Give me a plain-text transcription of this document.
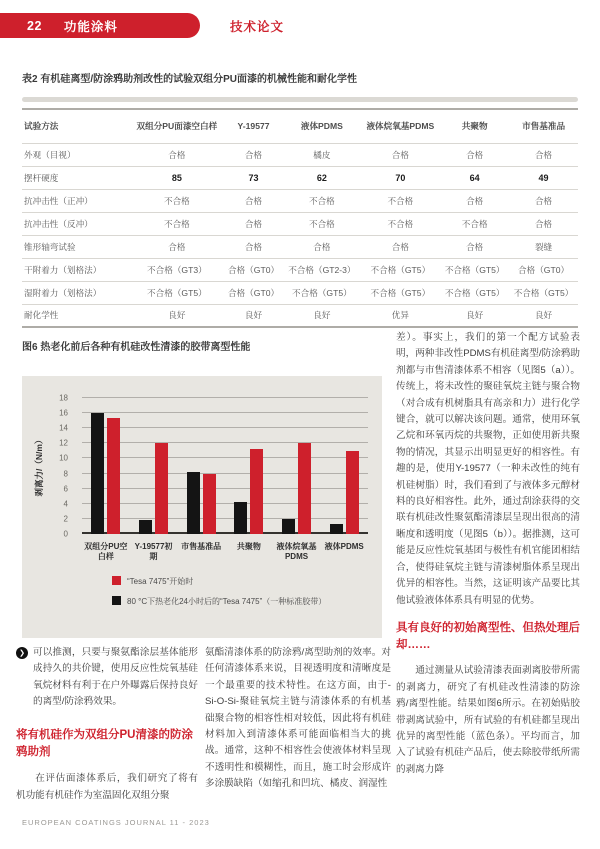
22 功能涂料	技术论文
表2 有机硅离型/防涂鸦助剂改性的试验双组分PU面漆的机械性能和耐化学性
试验方法	双组分PU面漆空白样	Y-19577	液体PDMS	液体烷氧基PDMS	共聚物	市售基准品
外观（目视）	合格	合格	橘皮	合格	合格	合格
摆杆硬度	85	73	62	70	64	49
抗冲击性（正冲）	不合格	合格	不合格	不合格	合格	合格
抗冲击性（反冲）	不合格	合格	不合格	不合格	不合格	合格
锥形轴弯试验	合格	合格	合格	合格	合格	裂缝
干附着力（划格法）	不合格（GT3）	合格（GT0）	不合格（GT2-3）	不合格（GT5）	不合格（GT5）	合格（GT0）
湿附着力（划格法）	不合格（GT5）	合格（GT0）	不合格（GT5）	不合格（GT5）	不合格（GT5）	不合格（GT5）
耐化学性	良好	良好	良好	优异	良好	良好
图6 热老化前后各种有机硅改性清漆的胶带离型性能
剥离力/（N/m）
0
2
4
6
8
10
12
14
16
18
双组分PU空白样
Y-19577初期
市售基准品	共聚物	液体烷氧基PDMS
液体PDMS
“Tesa 7475”开始时
80 °C下热老化24小时后的“Tesa 7475”（一种标准胶带）

差）。事实上，我们的第一个配方试验表明，两种非改性PDMS有机硅离型/防涂鸦助剂都与市售清漆体系不相容（见图5（a））。传统上，将未改性的聚硅氧烷主链与聚合物（对合成有机树脂具有高亲和力）进行化学键合，就可以解决该问题。通常，使用环氧乙烷和环氧丙烷的共聚物，正如使用新共聚物的情况，其显示出明显更好的相容性。有趣的是，使用Y-19577（一种未改性的纯有机硅树脂）时，我们看到了与液体多元醇材料的良好相容性。此外，通过刮涂获得的交联有机硅改性聚氨酯清漆层呈现出很高的清晰度和透明度（见图5（b））。据推测，这可能是反应性烷氧基团与极性有机官能团相结合，使得硅氧烷主链与清漆树脂体系呈现出优异的相容性。当然，这证明该产品要比其他试验液体体系具有明显的优势。

具有良好的初始离型性、但热处理后却……

通过测量从试验清漆表面剥离胶带所需的剥离力，研究了有机硅改性清漆的防涂鸦/离型性能。结果如图6所示。在初始贴胶带剥离试验中，所有试验的有机硅都呈现出优异的离型性能（蓝色条）。平均而言，加入了试验有机硅产品后，使去除胶带纸所需的剥离力降

❯ 可以推测，只要与聚氨酯涂层基体能形成持久的共价键，使用反应性烷氧基硅氧烷材料有利于在户外曝露后保持良好的离型/防涂鸦效果。

将有机硅作为双组分PU清漆的防涂鸦助剂

在评估面漆体系后，我们研究了将有机功能有机硅作为室温固化双组分聚

氨酯清漆体系的防涂鸦/离型助剂的效率。对任何清漆体系来说，目视透明度和清晰度是一个最重要的技术特性。在这方面，由于-Si-O-Si-聚硅氧烷主链与清漆体系的有机基础聚合物的相容性相对较低，因此将有机硅材料加入到清漆体系可能面临相当大的挑战。通常，这种不相容性会使液体材料呈现不透明性和模糊性，而且，施工时会形成许多涂膜缺陷（如缩孔和凹坑、橘皮、润湿性

EUROPEAN COATINGS JOURNAL 11 - 2023
